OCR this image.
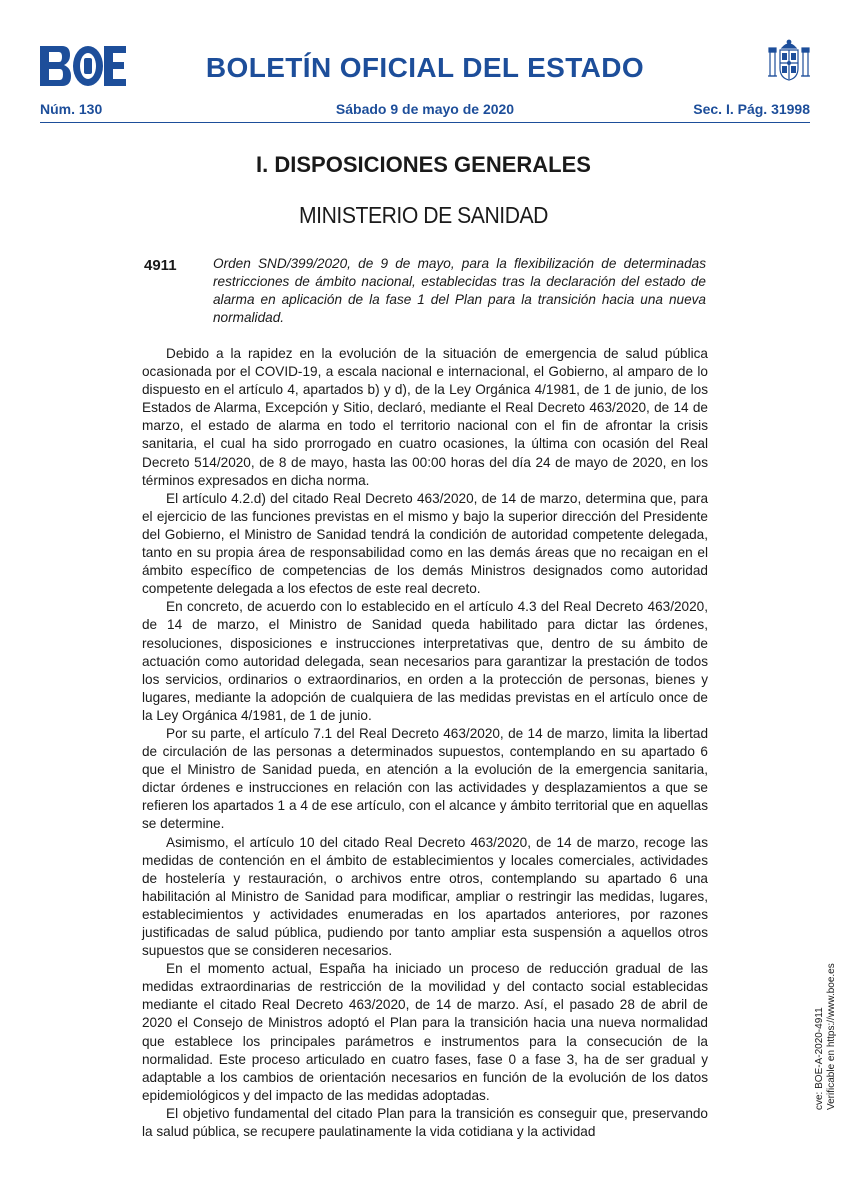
BOLETÍN OFICIAL DEL ESTADO
Núm. 130	Sábado 9 de mayo de 2020	Sec. I. Pág. 31998
I. DISPOSICIONES GENERALES
MINISTERIO DE SANIDAD
4911	Orden SND/399/2020, de 9 de mayo, para la flexibilización de determinadas restricciones de ámbito nacional, establecidas tras la declaración del estado de alarma en aplicación de la fase 1 del Plan para la transición hacia una nueva normalidad.

Debido a la rapidez en la evolución de la situación de emergencia de salud pública ocasionada por el COVID-19, a escala nacional e internacional, el Gobierno, al amparo de lo dispuesto en el artículo 4, apartados b) y d), de la Ley Orgánica 4/1981, de 1 de junio, de los Estados de Alarma, Excepción y Sitio, declaró, mediante el Real Decreto 463/2020, de 14 de marzo, el estado de alarma en todo el territorio nacional con el fin de afrontar la crisis sanitaria, el cual ha sido prorrogado en cuatro ocasiones, la última con ocasión del Real Decreto 514/2020, de 8 de mayo, hasta las 00:00 horas del día 24 de mayo de 2020, en los términos expresados en dicha norma.

El artículo 4.2.d) del citado Real Decreto 463/2020, de 14 de marzo, determina que, para el ejercicio de las funciones previstas en el mismo y bajo la superior dirección del Presidente del Gobierno, el Ministro de Sanidad tendrá la condición de autoridad competente delegada, tanto en su propia área de responsabilidad como en las demás áreas que no recaigan en el ámbito específico de competencias de los demás Ministros designados como autoridad competente delegada a los efectos de este real decreto.

En concreto, de acuerdo con lo establecido en el artículo 4.3 del Real Decreto 463/2020, de 14 de marzo, el Ministro de Sanidad queda habilitado para dictar las órdenes, resoluciones, disposiciones e instrucciones interpretativas que, dentro de su ámbito de actuación como autoridad delegada, sean necesarios para garantizar la prestación de todos los servicios, ordinarios o extraordinarios, en orden a la protección de personas, bienes y lugares, mediante la adopción de cualquiera de las medidas previstas en el artículo once de la Ley Orgánica 4/1981, de 1 de junio.

Por su parte, el artículo 7.1 del Real Decreto 463/2020, de 14 de marzo, limita la libertad de circulación de las personas a determinados supuestos, contemplando en su apartado 6 que el Ministro de Sanidad pueda, en atención a la evolución de la emergencia sanitaria, dictar órdenes e instrucciones en relación con las actividades y desplazamientos a que se refieren los apartados 1 a 4 de ese artículo, con el alcance y ámbito territorial que en aquellas se determine.

Asimismo, el artículo 10 del citado Real Decreto 463/2020, de 14 de marzo, recoge las medidas de contención en el ámbito de establecimientos y locales comerciales, actividades de hostelería y restauración, o archivos entre otros, contemplando su apartado 6 una habilitación al Ministro de Sanidad para modificar, ampliar o restringir las medidas, lugares, establecimientos y actividades enumeradas en los apartados anteriores, por razones justificadas de salud pública, pudiendo por tanto ampliar esta suspensión a aquellos otros supuestos que se consideren necesarios.

En el momento actual, España ha iniciado un proceso de reducción gradual de las medidas extraordinarias de restricción de la movilidad y del contacto social establecidas mediante el citado Real Decreto 463/2020, de 14 de marzo. Así, el pasado 28 de abril de 2020 el Consejo de Ministros adoptó el Plan para la transición hacia una nueva normalidad que establece los principales parámetros e instrumentos para la consecución de la normalidad. Este proceso articulado en cuatro fases, fase 0 a fase 3, ha de ser gradual y adaptable a los cambios de orientación necesarios en función de la evolución de los datos epidemiológicos y del impacto de las medidas adoptadas.

El objetivo fundamental del citado Plan para la transición es conseguir que, preservando la salud pública, se recupere paulatinamente la vida cotidiana y la actividad

cve: BOE-A-2020-4911 Verificable en https://www.boe.es
